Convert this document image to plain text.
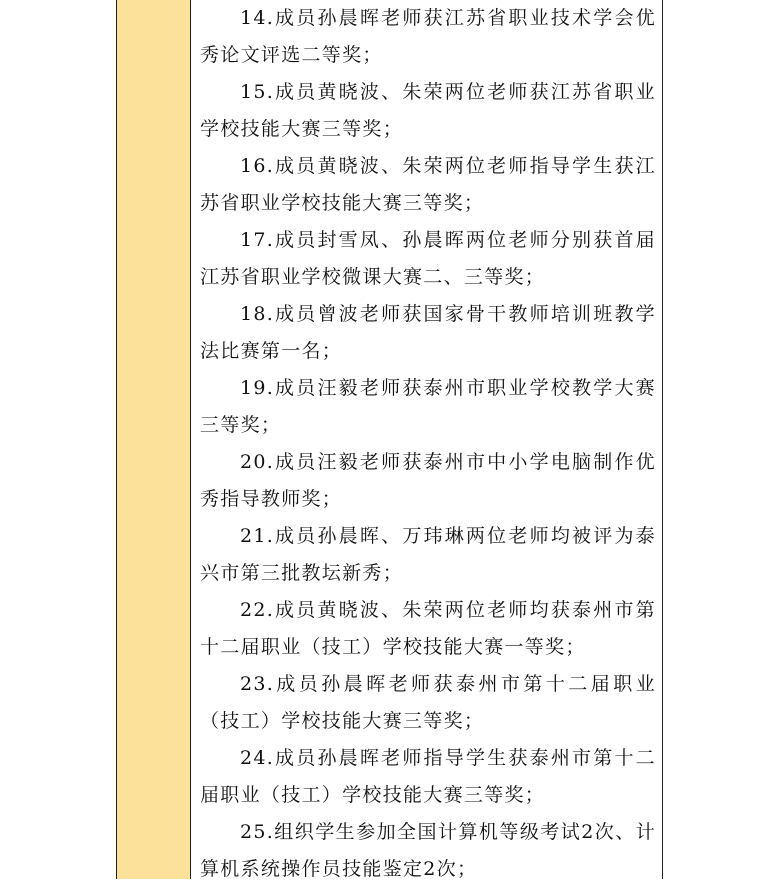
14.成员孙晨晖老师获江苏省职业技术学会优秀论文评选二等奖；

15.成员黄晓波、朱荣两位老师获江苏省职业学校技能大赛三等奖；

16.成员黄晓波、朱荣两位老师指导学生获江苏省职业学校技能大赛三等奖；

17.成员封雪凤、孙晨晖两位老师分别获首届江苏省职业学校微课大赛二、三等奖；

18.成员曾波老师获国家骨干教师培训班教学法比赛第一名；

19.成员汪毅老师获泰州市职业学校教学大赛三等奖；

20.成员汪毅老师获泰州市中小学电脑制作优秀指导教师奖；

21.成员孙晨晖、万玮琳两位老师均被评为泰兴市第三批教坛新秀；

22.成员黄晓波、朱荣两位老师均获泰州市第十二届职业（技工）学校技能大赛一等奖；

23.成员孙晨晖老师获泰州市第十二届职业（技工）学校技能大赛三等奖；

24.成员孙晨晖老师指导学生获泰州市第十二届职业（技工）学校技能大赛三等奖；

25.组织学生参加全国计算机等级考试2次、计算机系统操作员技能鉴定2次；
